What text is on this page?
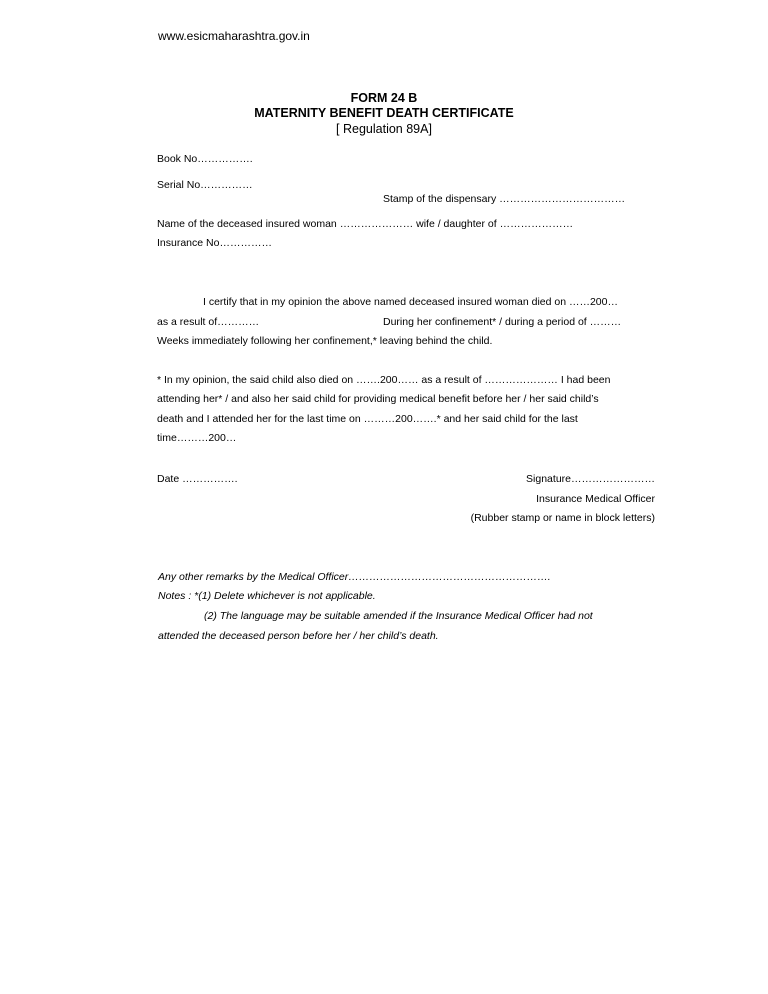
www.esicmaharashtra.gov.in
FORM 24 B
MATERNITY BENEFIT DEATH CERTIFICATE
[ Regulation 89A]
Book No…………….
Serial No……………
Stamp of the dispensary ………………………………
Name of the deceased insured woman ………………… wife / daughter of …………………
Insurance No……………
I certify that in my opinion the above named deceased insured woman died on ……200…
as a result of…………	During her confinement* / during a period of ………
Weeks immediately following her confinement,* leaving behind the child.
* In my opinion, the said child also died on …….200…… as a result of ………………… I had been
attending her* / and also her said child for providing medical benefit before her / her said child’s
death and I attended her for the last time on ………200…….* and her said child for the last
time………200…
Date …………….	Signature……………………
Insurance Medical Officer
(Rubber stamp or name in block letters)
Any other remarks by the Medical Officer………………………………………………….
Notes : *(1) Delete whichever is not applicable.
(2) The language may be suitable amended if the Insurance Medical Officer had not
attended the deceased person before her / her child’s death.
